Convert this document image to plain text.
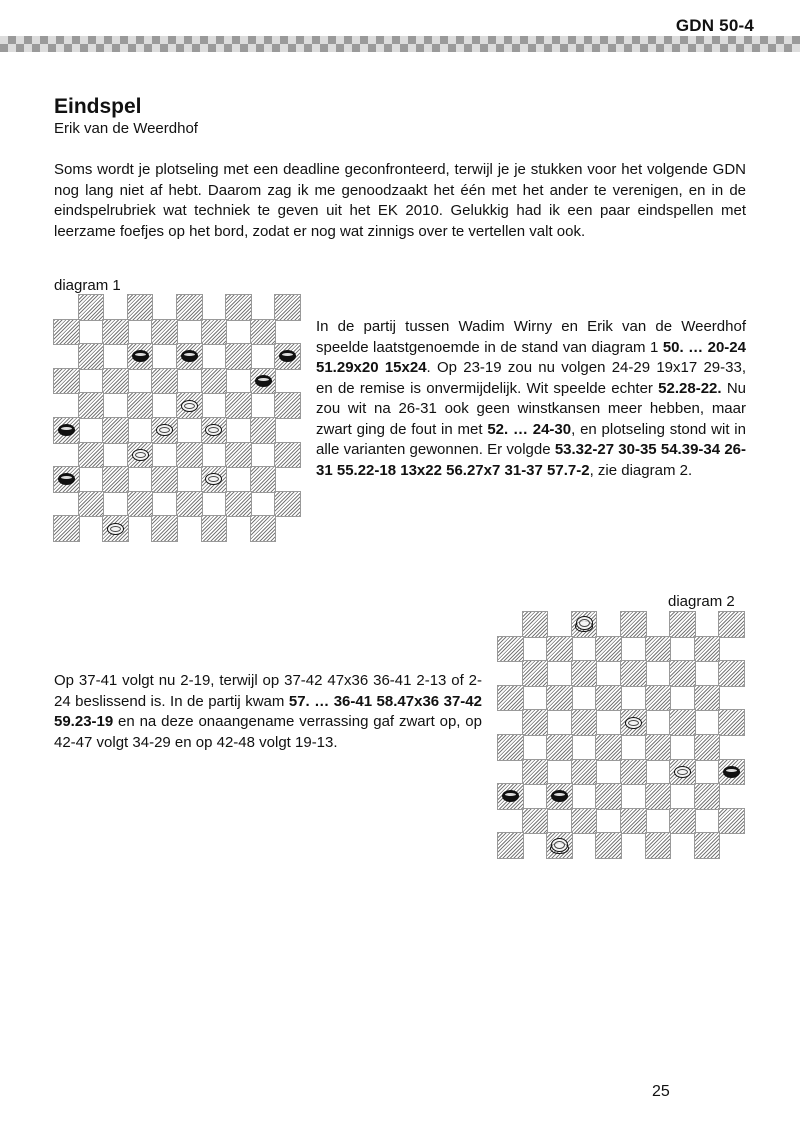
GDN 50-4
Eindspel
Erik van de Weerdhof

Soms wordt je plotseling met een deadline geconfronteerd, terwijl je je stukken voor het volgende GDN nog lang niet af hebt. Daarom zag ik me genoodzaakt het één met het ander te verenigen, en in de eindspelrubriek wat techniek te geven uit het EK 2010. Gelukkig had ik een paar eindspellen met leerzame foefjes op het bord, zodat er nog wat zinnigs over te vertellen valt ook.

diagram 1

In de partij tussen Wadim Wirny en Erik van de Weerdhof speelde laatstgenoemde in de stand van diagram 1 50. … 20-24 51.29x20 15x24. Op 23-19 zou nu volgen 24-29 19x17 29-33, en de remise is onvermijdelijk. Wit speelde echter 52.28-22. Nu zou wit na 26-31 ook geen winstkansen meer hebben, maar zwart ging de fout in met 52. … 24-30, en plotseling stond wit in alle varianten gewonnen. Er volgde 53.32-27 30-35 54.39-34 26-31 55.22-18 13x22 56.27x7 31-37 57.7-2, zie diagram 2.

diagram 2

Op 37-41 volgt nu 2-19, terwijl op 37-42 47x36 36-41 2-13 of 2-24 beslissend is. In de partij kwam 57. … 36-41 58.47x36 37-42 59.23-19 en na deze onaangename verrassing gaf zwart op, op 42-47 volgt 34-29 en op 42-48 volgt 19-13.

25
